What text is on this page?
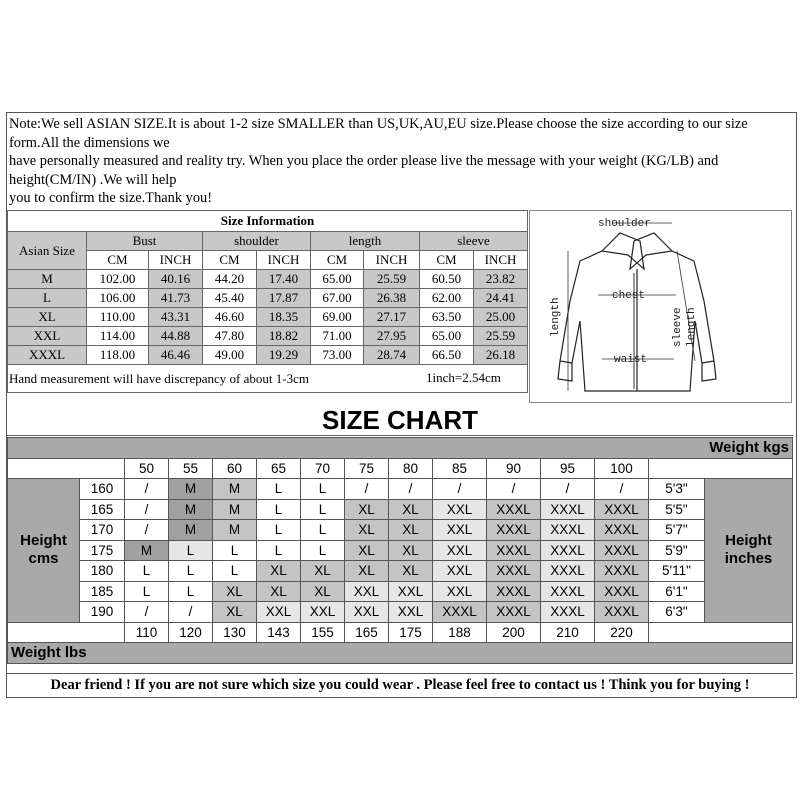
Note:We sell ASIAN SIZE.It is about 1-2 size SMALLER than US,UK,AU,EU size.Please choose the size according to our size
form.All the dimensions we
have personally measured and reality try. When you place the order please live the message with your weight (KG/LB) and
height(CM/IN) .We will help
you to confirm the size.Thank you!
Size Information								
Asian Size	Bust		shoulder		length		sleeve	
	CM	INCH	CM	INCH	CM	INCH	CM	INCH
M	102.00	40.16	44.20	17.40	65.00	25.59	60.50	23.82
L	106.00	41.73	45.40	17.87	67.00	26.38	62.00	24.41
XL	110.00	43.31	46.60	18.35	69.00	27.17	63.50	25.00
XXL	114.00	44.88	47.80	18.82	71.00	27.95	65.00	25.59
XXXL	118.00	46.46	49.00	19.29	73.00	28.74	66.50	26.18
Hand measurement will have discrepancy of about 1-3cm 1inch=2.54cm								
shoulder
chest
waist
length	sleeve length
SIZE CHART
Weight kgs														
		50	55	60	65	70	75	80	85	90	95	100		
Height
cms	160	/	M	M	L	L	/	/	/	/	/	/	5'3"	Height
inches
	165	/	M	M	L	L	XL	XL	XXL	XXXL	XXXL	XXXL	5'5"	
	170	/	M	M	L	L	XL	XL	XXL	XXXL	XXXL	XXXL	5'7"	
	175	M	L	L	L	L	XL	XL	XXL	XXXL	XXXL	XXXL	5'9"	
	180	L	L	L	XL	XL	XL	XL	XXL	XXXL	XXXL	XXXL	5'11"	
	185	L	L	XL	XL	XL	XXL	XXL	XXL	XXXL	XXXL	XXXL	6'1"	
	190	/	/	XL	XXL	XXL	XXL	XXL	XXXL	XXXL	XXXL	XXXL	6'3"	
		110	120	130	143	155	165	175	188	200	210	220		
Weight lbs														
Dear friend ! If you are not sure which size you could wear . Please feel free to contact us ! Think you for buying !
